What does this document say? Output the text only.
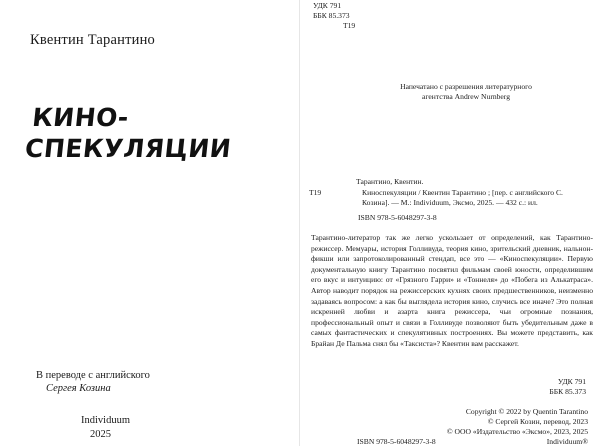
Квентин Тарантино
КИНО-
СПЕКУЛЯЦИИ
В переводе с английского
Сергея Козина
Individuum
2025
УДК 791
ББК 85.373
Т19
Напечатано с разрешения литературного агентства Andrew Nurnberg
Тарантино, Квентин.
Т19	Киноспекуляции / Квентин Тарантино ; [пер. с английского С. Козина]. — М.: Individuum, Эксмо, 2025. — 432 с.: ил.
ISBN 978-5-6048297-3-8
Тарантино-литератор так же легко ускользает от определений, как Тарантино-режиссер. Мемуары, история Голливуда, теория кино, зрительский дневник, нальнон-фикши или запротоколированный стендап, все это — «Киноспекуляции». Первую документальную книгу Тарантино посвятил фильмам своей юности, определившим его вкус и интуицию: от «Грязного Гарри» и «Тоннеля» до «Побега из Алькатраса». Автор наводит порядок на режиссерских кухнях своих предшественников, неизменно задаваясь вопросом: а как бы выглядела история кино, случись все иначе? Это полная искренней любви и азарта книга режиссера, чьи огромные познания, профессиональный опыт и связи в Голливуде позволяют быть убедительным даже в самых фантастических и спекулятивных построениях. Вы можете представить, как Брайан Де Пальма снял бы «Таксиста»? Квентин вам расскажет.
УДК 791
ББК 85.373
Copyright © 2022 by Quentin Tarantino
© Сергей Козин, перевод, 2023
© ООО «Издательство «Эксмо», 2023, 2025
Individuum®
ISBN 978-5-6048297-3-8
